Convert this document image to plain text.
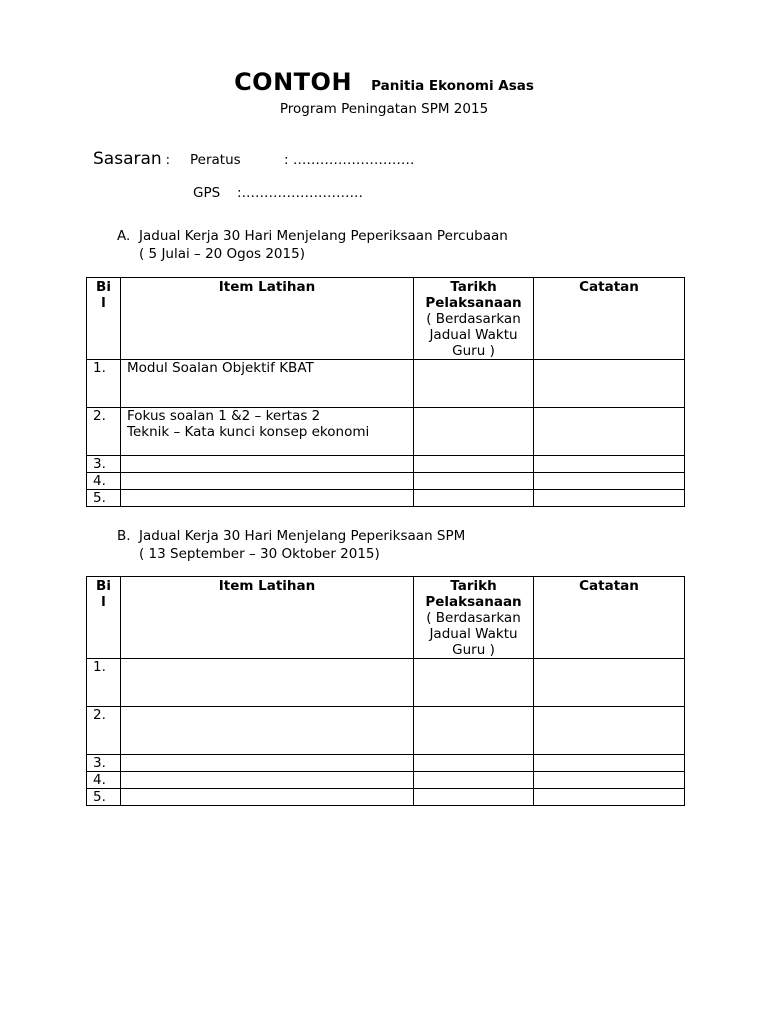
CONTOH Panitia Ekonomi Asas
Program Peningatan SPM 2015
Sasaran : Peratus	: ………………………
GPS :………………………
A. Jadual Kerja 30 Hari Menjelang Peperiksaan Percubaan
( 5 Julai – 20 Ogos 2015)
Bi
l	Item Latihan	Tarikh
Pelaksanaan
( Berdasarkan
Jadual Waktu
Guru )	Catatan
1.	Modul Soalan Objektif KBAT		
2.	Fokus soalan 1 &2 – kertas 2
Teknik – Kata kunci konsep ekonomi		
3.			
4.			
5.			
B. Jadual Kerja 30 Hari Menjelang Peperiksaan SPM
( 13 September – 30 Oktober 2015)
Bi
l	Item Latihan	Tarikh
Pelaksanaan
( Berdasarkan
Jadual Waktu
Guru )	Catatan
1.			
2.			
3.			
4.			
5.			
